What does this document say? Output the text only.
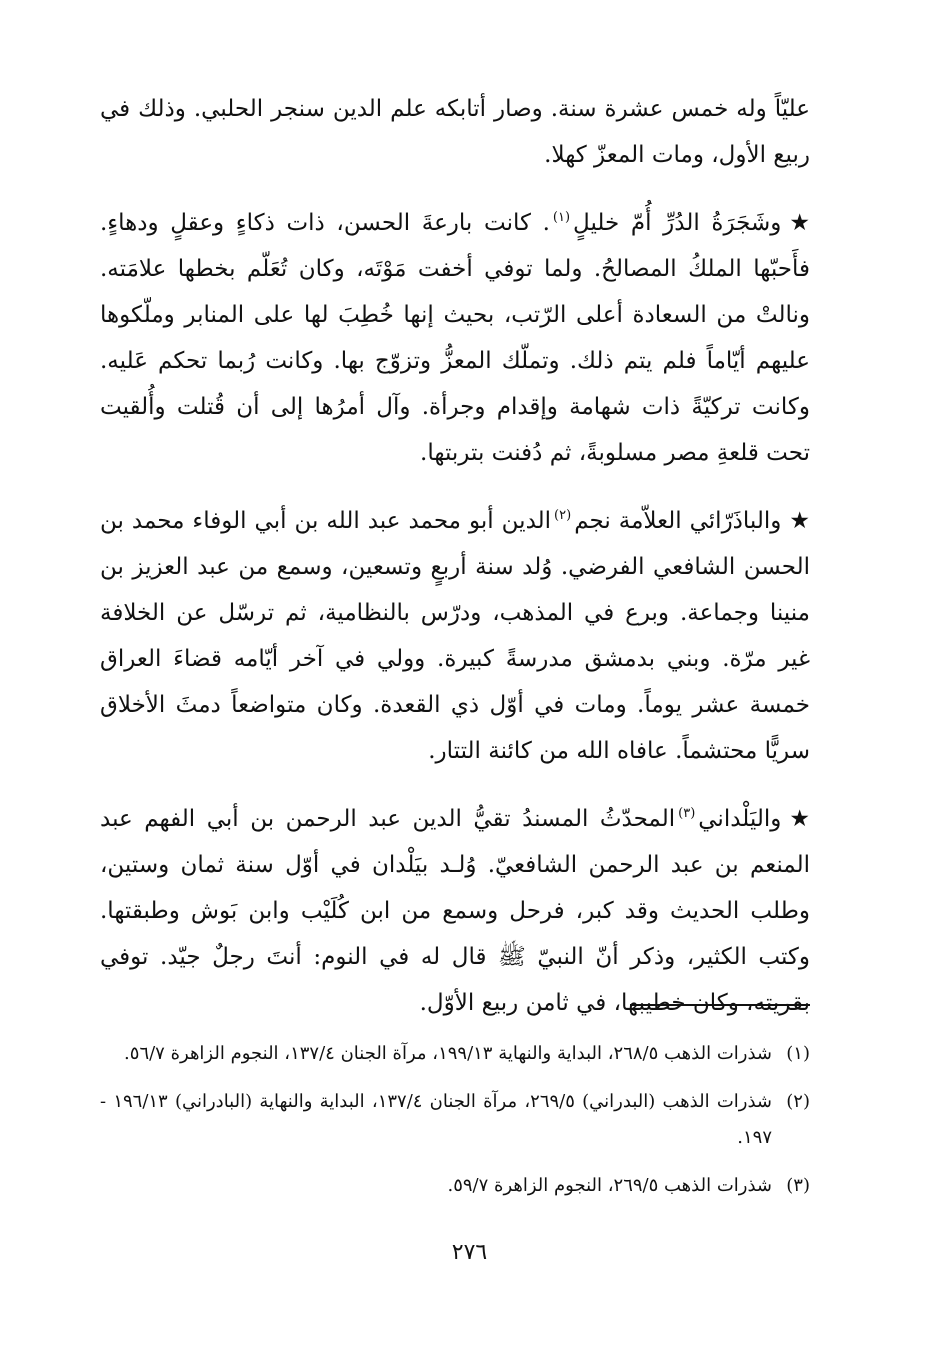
عليّاً وله خمس عشرة سنة. وصار أتابكه علم الدين سنجر الحلبي. وذلك في ربيع الأول، ومات المعزّ كهلا.

★وشَجَرَةُ الدُرِّ أُمّ خليلٍ$^{(١)}$. كانت بارعةَ الحسن، ذات ذكاءٍ وعقلٍ ودهاءٍ. فأَحبّها الملكُ المصالحُ. ولما توفي أخفت مَوْتَه، وكان تُعَلّم بخطها علامَته. ونالتْ من السعادة أعلى الرّتب، بحيث إنها خُطِبَ لها على المنابر وملّكوها عليهم أيّاماً فلم يتم ذلك. وتملّك المعزُّ وتزوّج بها. وكانت رُبما تحكم عَليه. وكانت تركيّةً ذات شهامة وإقدام وجرأة. وآل أمرُها إلى أن قُتلت وأُلقيت تحت قلعةِ مصر مسلوبةً، ثم دُفنت بتربتها.

★والباذَرّائي العلاّمة نجم$^{(٢)}$الدين أبو محمد عبد الله بن أبي الوفاء محمد بن الحسن الشافعي الفرضي. وُلد سنة أربعٍ وتسعين، وسمع من عبد العزيز بن منينا وجماعة. وبرع في المذهب، ودرّس بالنظامية، ثم ترسّل عن الخلافة غير مرّة. وبني بدمشق مدرسةً كبيرة. وولي في آخر أيّامه قضاءَ العراق خمسة عشر يوماً. ومات في أوّل ذي القعدة. وكان متواضعاً دمثَ الأخلاق سريًّا محتشماً. عافاه الله من كائنة التتار.

★واليَلْداني$^{(٣)}$المحدّثُ المسندُ تقيُّ الدين عبد الرحمن بن أبي الفهم عبد المنعم بن عبد الرحمن الشافعيّ. وُلـد بيَلْدان في أوّل سنة ثمان وستين، وطلب الحديث وقد كبر، فرحل وسمع من ابن كُلَيْب وابن بَوش وطبقتها. وكتب الكثير، وذكر أنّ النبيّ ﷺ قال له في النوم: أنتَ رجلٌ جيّد. توفي بقريته، وكان خطيبها، في ثامن ربيع الأوّل.

(١)
شذرات الذهب ٢٦٨/٥، البداية والنهاية ١٩٩/١٣، مرآة الجنان ١٣٧/٤، النجوم الزاهرة ٥٦/٧.
(٢)
شذرات الذهب (البدراني) ٢٦٩/٥، مرآة الجنان ١٣٧/٤، البداية والنهاية (البادراني) ١٩٦/١٣ - ١٩٧.
(٣)
شذرات الذهب ٢٦٩/٥، النجوم الزاهرة ٥٩/٧.
٢٧٦
